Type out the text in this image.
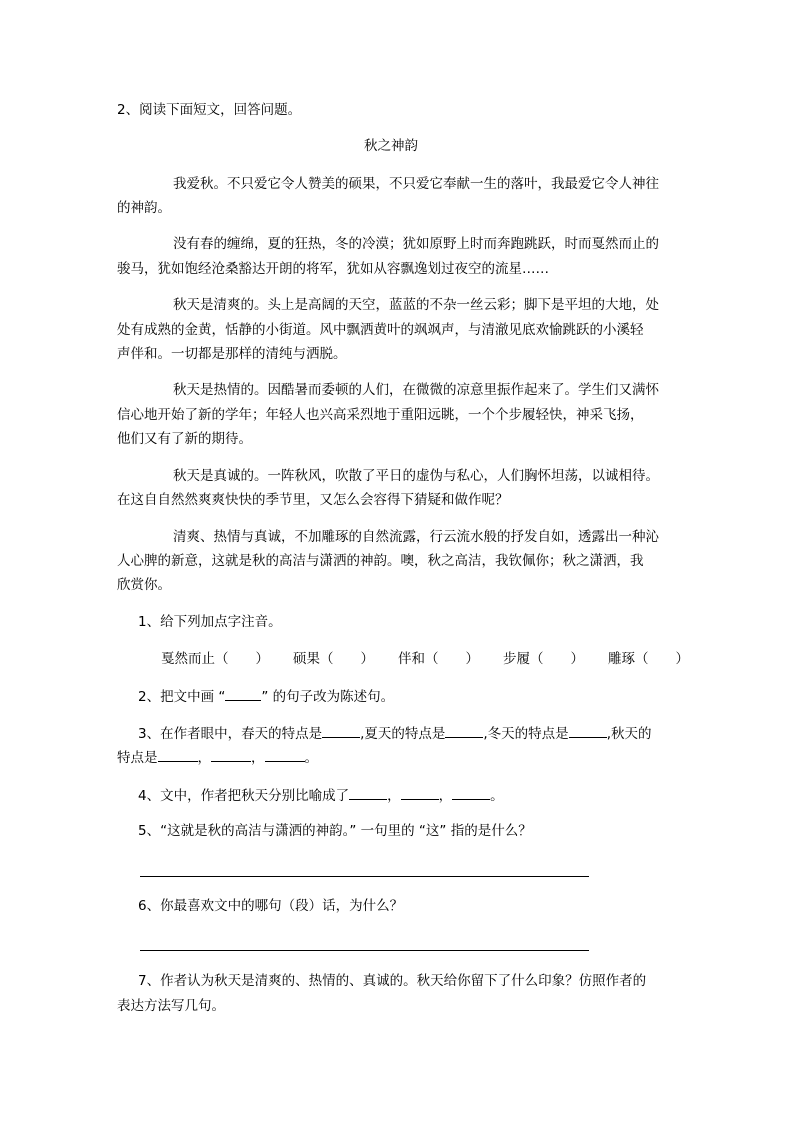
2、阅读下面短文，回答问题。
秋之神韵
我爱秋。不只爱它令人赞美的硕果，不只爱它奉献一生的落叶，我最爱它令人神往
的神韵。
没有春的缠绵，夏的狂热，冬的冷漠；犹如原野上时而奔跑跳跃，时而戛然而止的
骏马，犹如饱经沧桑豁达开朗的将军，犹如从容飘逸划过夜空的流星……
秋天是清爽的。头上是高阔的天空，蓝蓝的不杂一丝云彩；脚下是平坦的大地，处
处有成熟的金黄，恬静的小街道。风中飘洒黄叶的飒飒声，与清澈见底欢愉跳跃的小溪轻
声伴和。一切都是那样的清纯与洒脱。
秋天是热情的。因酷暑而委顿的人们，在微微的凉意里振作起来了。学生们又满怀
信心地开始了新的学年；年轻人也兴高采烈地于重阳远眺，一个个步履轻快，神采飞扬，
他们又有了新的期待。
秋天是真诚的。一阵秋风，吹散了平日的虚伪与私心，人们胸怀坦荡，以诚相待。
在这自自然然爽爽快快的季节里，又怎么会容得下猜疑和做作呢？
清爽、热情与真诚，不加雕琢的自然流露，行云流水般的抒发自如，透露出一种沁
人心脾的新意，这就是秋的高洁与潇洒的神韵。噢，秋之高洁，我钦佩你；秋之潇洒，我
欣赏你。
1、给下列加点字注音。
戛然而止（　　） 硕果（　　） 伴和（　　） 步履（　　） 雕琢（　　）
2、把文中画 “	” 的句子改为陈述句。
3、在作者眼中，春天的特点是	,夏天的特点是	,冬天的特点是	,秋天的
特点是	，	，	。
4、文中，作者把秋天分别比喻成了	，	，	。
5、“这就是秋的高洁与潇洒的神韵。” 一句里的 “这” 指的是什么？
6、你最喜欢文中的哪句（段）话，为什么？
7、作者认为秋天是清爽的、热情的、真诚的。秋天给你留下了什么印象？仿照作者的
表达方法写几句。
